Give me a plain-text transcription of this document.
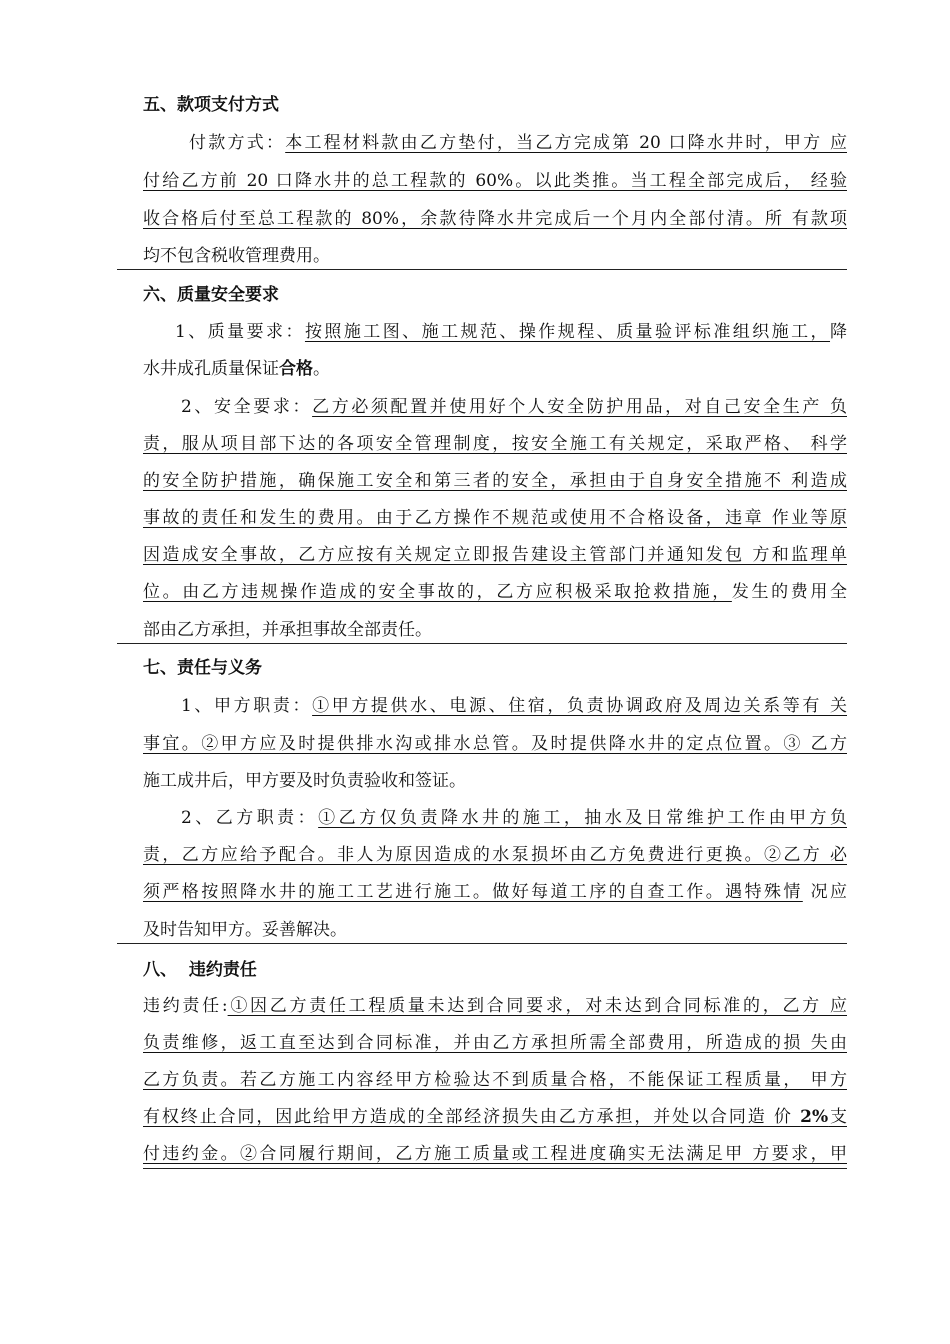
五、款项支付方式
付款方式：本工程材料款由乙方垫付，当乙方完成第 20 口降水井时，甲方 应
付给乙方前 20 口降水井的总工程款的 60%。以此类推。当工程全部完成后， 经验
收合格后付至总工程款的 80%，余款待降水井完成后一个月内全部付清。所 有款项
均不包含税收管理费用。
六、质量安全要求
1、质量要求：按照施工图、施工规范、操作规程、质量验评标准组织施工，降
水井成孔质量保证合格。
2、安全要求：乙方必须配置并使用好个人安全防护用品，对自己安全生产 负
责，服从项目部下达的各项安全管理制度，按安全施工有关规定，采取严格、 科学
的安全防护措施，确保施工安全和第三者的安全，承担由于自身安全措施不 利造成
事故的责任和发生的费用。由于乙方操作不规范或使用不合格设备，违章 作业等原
因造成安全事故，乙方应按有关规定立即报告建设主管部门并通知发包 方和监理单
位。由乙方违规操作造成的安全事故的，乙方应积极采取抢救措施，发生的费用全
部由乙方承担，并承担事故全部责任。
七、责任与义务
1、甲方职责：①甲方提供水、电源、住宿，负责协调政府及周边关系等有 关
事宜。②甲方应及时提供排水沟或排水总管。及时提供降水井的定点位置。③ 乙方
施工成井后，甲方要及时负责验收和签证。
2、乙方职责：①乙方仅负责降水井的施工，抽水及日常维护工作由甲方负
责，乙方应给予配合。非人为原因造成的水泵损坏由乙方免费进行更换。②乙方 必
须严格按照降水井的施工工艺进行施工。做好每道工序的自查工作。遇特殊情 况应
及时告知甲方。妥善解决。
八、  违约责任
违约责任:①因乙方责任工程质量未达到合同要求，对未达到合同标准的，乙方 应
负责维修，返工直至达到合同标准，并由乙方承担所需全部费用，所造成的损 失由
乙方负责。若乙方施工内容经甲方检验达不到质量合格，不能保证工程质量， 甲方
有权终止合同，因此给甲方造成的全部经济损失由乙方承担，并处以合同造 价 2%支
付违约金。②合同履行期间，乙方施工质量或工程进度确实无法满足甲 方要求，甲
